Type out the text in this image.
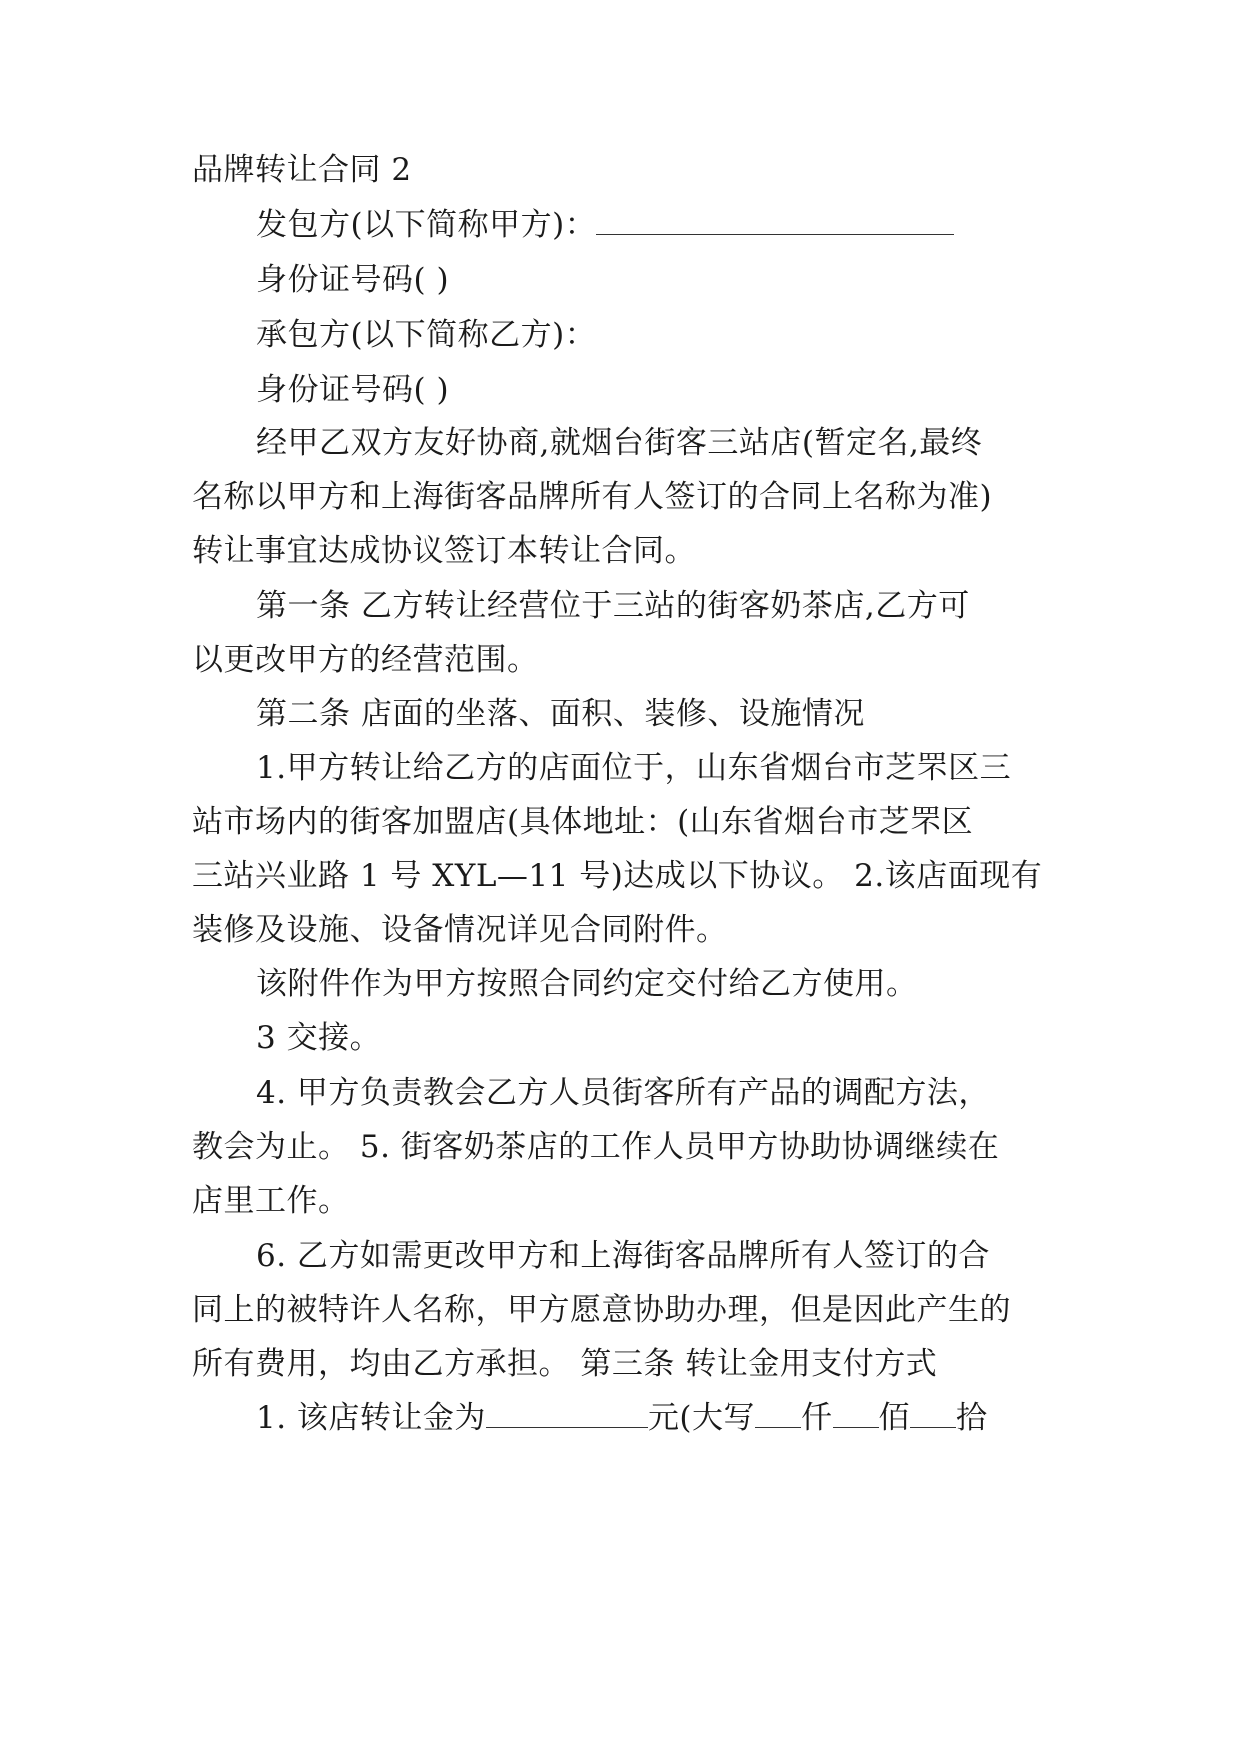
品牌转让合同 2
发包方(以下简称甲方)：
身份证号码( )
承包方(以下简称乙方)：
身份证号码( )
经甲乙双方友好协商,就烟台街客三站店(暂定名,最终
名称以甲方和上海街客品牌所有人签订的合同上名称为准)
转让事宜达成协议签订本转让合同。
第一条 乙方转让经营位于三站的街客奶茶店,乙方可
以更改甲方的经营范围。
第二条 店面的坐落、面积、装修、设施情况
1.甲方转让给乙方的店面位于，山东省烟台市芝罘区三
站市场内的街客加盟店(具体地址：(山东省烟台市芝罘区
三站兴业路 1 号 XYL—11 号)达成以下协议。 2.该店面现有
装修及设施、设备情况详见合同附件。
该附件作为甲方按照合同约定交付给乙方使用。
3 交接。
4. 甲方负责教会乙方人员街客所有产品的调配方法，
教会为止。 5. 街客奶茶店的工作人员甲方协助协调继续在
店里工作。
6. 乙方如需更改甲方和上海街客品牌所有人签订的合
同上的被特许人名称，甲方愿意协助办理，但是因此产生的
所有费用，均由乙方承担。 第三条 转让金用支付方式
1. 该店转让金为	元(大写 仟 佰 拾
